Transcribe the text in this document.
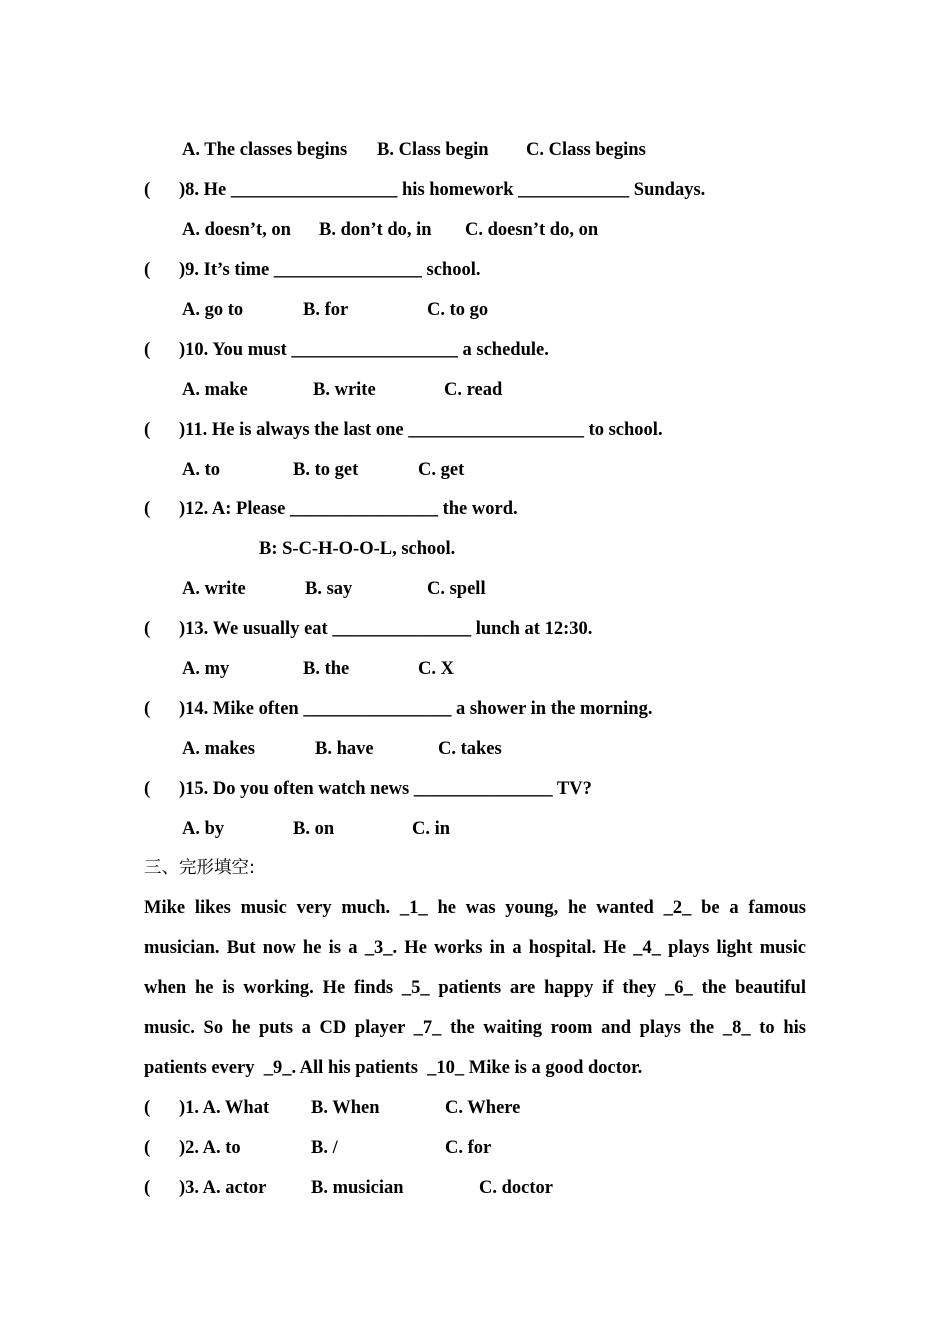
A. The classes begins B. Class begin C. Class begins
( )8. He __________________ his homework ____________ Sundays.
A. doesn’t, on B. don’t do, in C. doesn’t do, on
( )9. It’s time ________________ school.
A. go to	B. for	C. to go
( )10. You must __________________ a schedule.
A. make	B. write	C. read
( )11. He is always the last one ___________________ to school.
A. to	B. to get	C. get
( )12. A: Please ________________ the word.
B: S-C-H-O-O-L, school.
A. write	B. say	C. spell
( )13. We usually eat _______________ lunch at 12:30.
A. my	B. the	C. X
( )14. Mike often ________________ a shower in the morning.
A. makes	B. have	C. takes
( )15. Do you often watch news _______________ TV?
A. by	B. on	C. in
三、完形填空:
Mike likes music very much. _1_ he was young, he wanted _2_ be a famous
musician. But now he is a _3_. He works in a hospital. He _4_ plays light music
when he is working. He finds _5_ patients are happy if they _6_ the beautiful
music. So he puts a CD player _7_ the waiting room and plays the _8_ to his
patients every  _9_. All his patients  _10_ Mike is a good doctor.
( )1. A. What B. When	C. Where
( )2. A. to	B. /	C. for
( )3. A. actor B. musician	C. doctor
